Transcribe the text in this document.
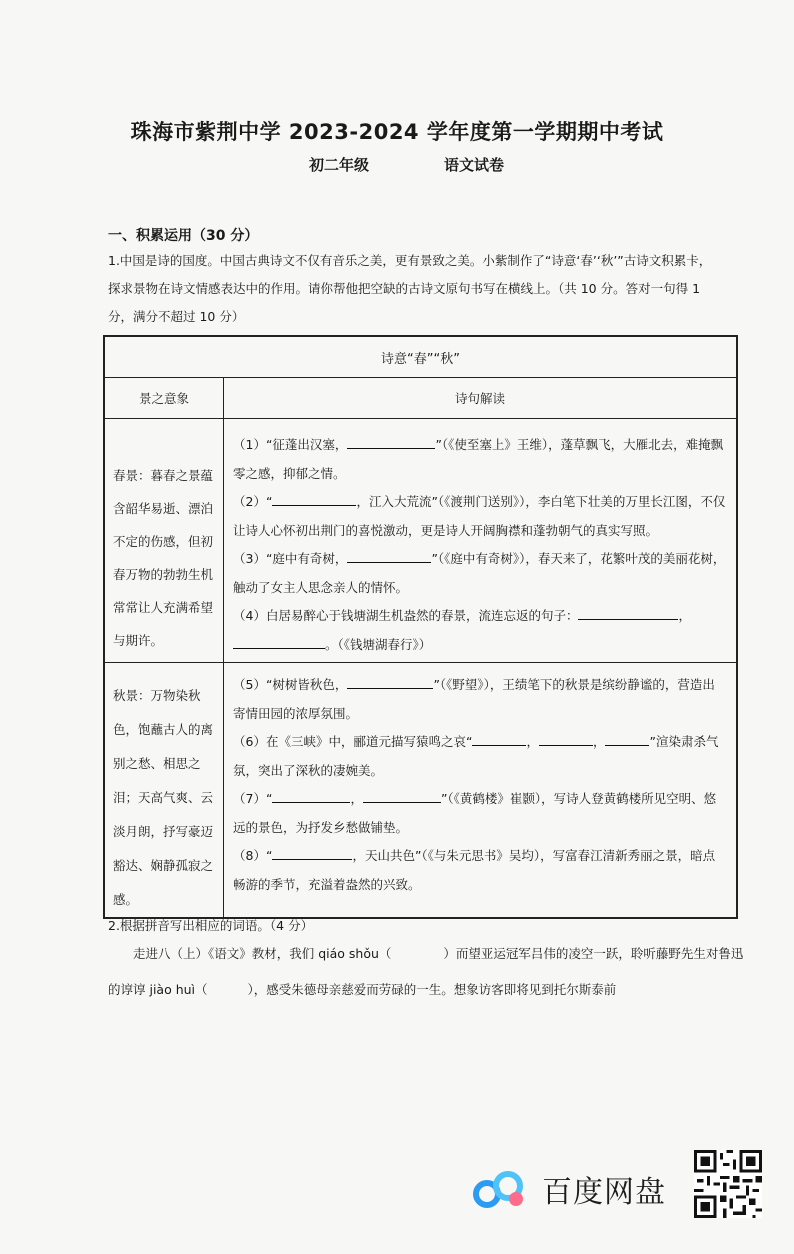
珠海市紫荆中学 2023-2024 学年度第一学期期中考试
初二年级	语文试卷
一、积累运用（30 分）
1.中国是诗的国度。中国古典诗文不仅有音乐之美，更有景致之美。小紫制作了“诗意‘春’‘秋’”古诗文积累卡，探求景物在诗文情感表达中的作用。请你帮他把空缺的古诗文原句书写在横线上。（共 10 分。答对一句得 1 分，满分不超过 10 分）
诗意“春”“秋”	
景之意象	诗句解读
春景：暮春之景蕴含韶华易逝、漂泊不定的伤感，但初春万物的勃勃生机常常让人充满希望与期许。	（1）“征蓬出汉塞， ”（《使至塞上》王维），蓬草飘飞，大雁北去，难掩飘零之感，抑郁之情。

（2）“ ，江入大荒流”（《渡荆门送别》），李白笔下壮美的万里长江图，不仅让诗人心怀初出荆门的喜悦激动，更是诗人开阔胸襟和蓬勃朝气的真实写照。

（3）“庭中有奇树， ”（《庭中有奇树》），春天来了，花繁叶茂的美丽花树，触动了女主人思念亲人的情怀。

（4）白居易醉心于钱塘湖生机盎然的春景，流连忘返的句子： ，。（《钱塘湖春行》）

秋景：万物染秋色，饱蘸古人的离别之愁、相思之泪；天高气爽、云淡月朗，抒写豪迈豁达、娴静孤寂之感。	（5）“树树皆秋色， ”（《野望》），王绩笔下的秋景是缤纷静谧的，营造出寄情田园的浓厚氛围。

（6）在《三峡》中，郦道元描写猿鸣之哀“ ， ， ”渲染肃杀气氛，突出了深秋的凄婉美。

（7）“ ， ”（《黄鹤楼》崔颢），写诗人登黄鹤楼所见空明、悠远的景色，为抒发乡愁做铺垫。

（8）“ ，天山共色”（《与朱元思书》吴均），写富春江清新秀丽之景，暗点畅游的季节，充溢着盎然的兴致。

2.根据拼音写出相应的词语。（4 分）
走进八（上）《语文》教材，我们 qiáo shǒu（	）而望亚运冠军吕伟的凌空一跃，聆听藤野先生对鲁迅的谆谆 jiào huì（	），感受朱德母亲慈爱而劳碌的一生。想象访客即将见到托尔斯泰前
百度网盘
